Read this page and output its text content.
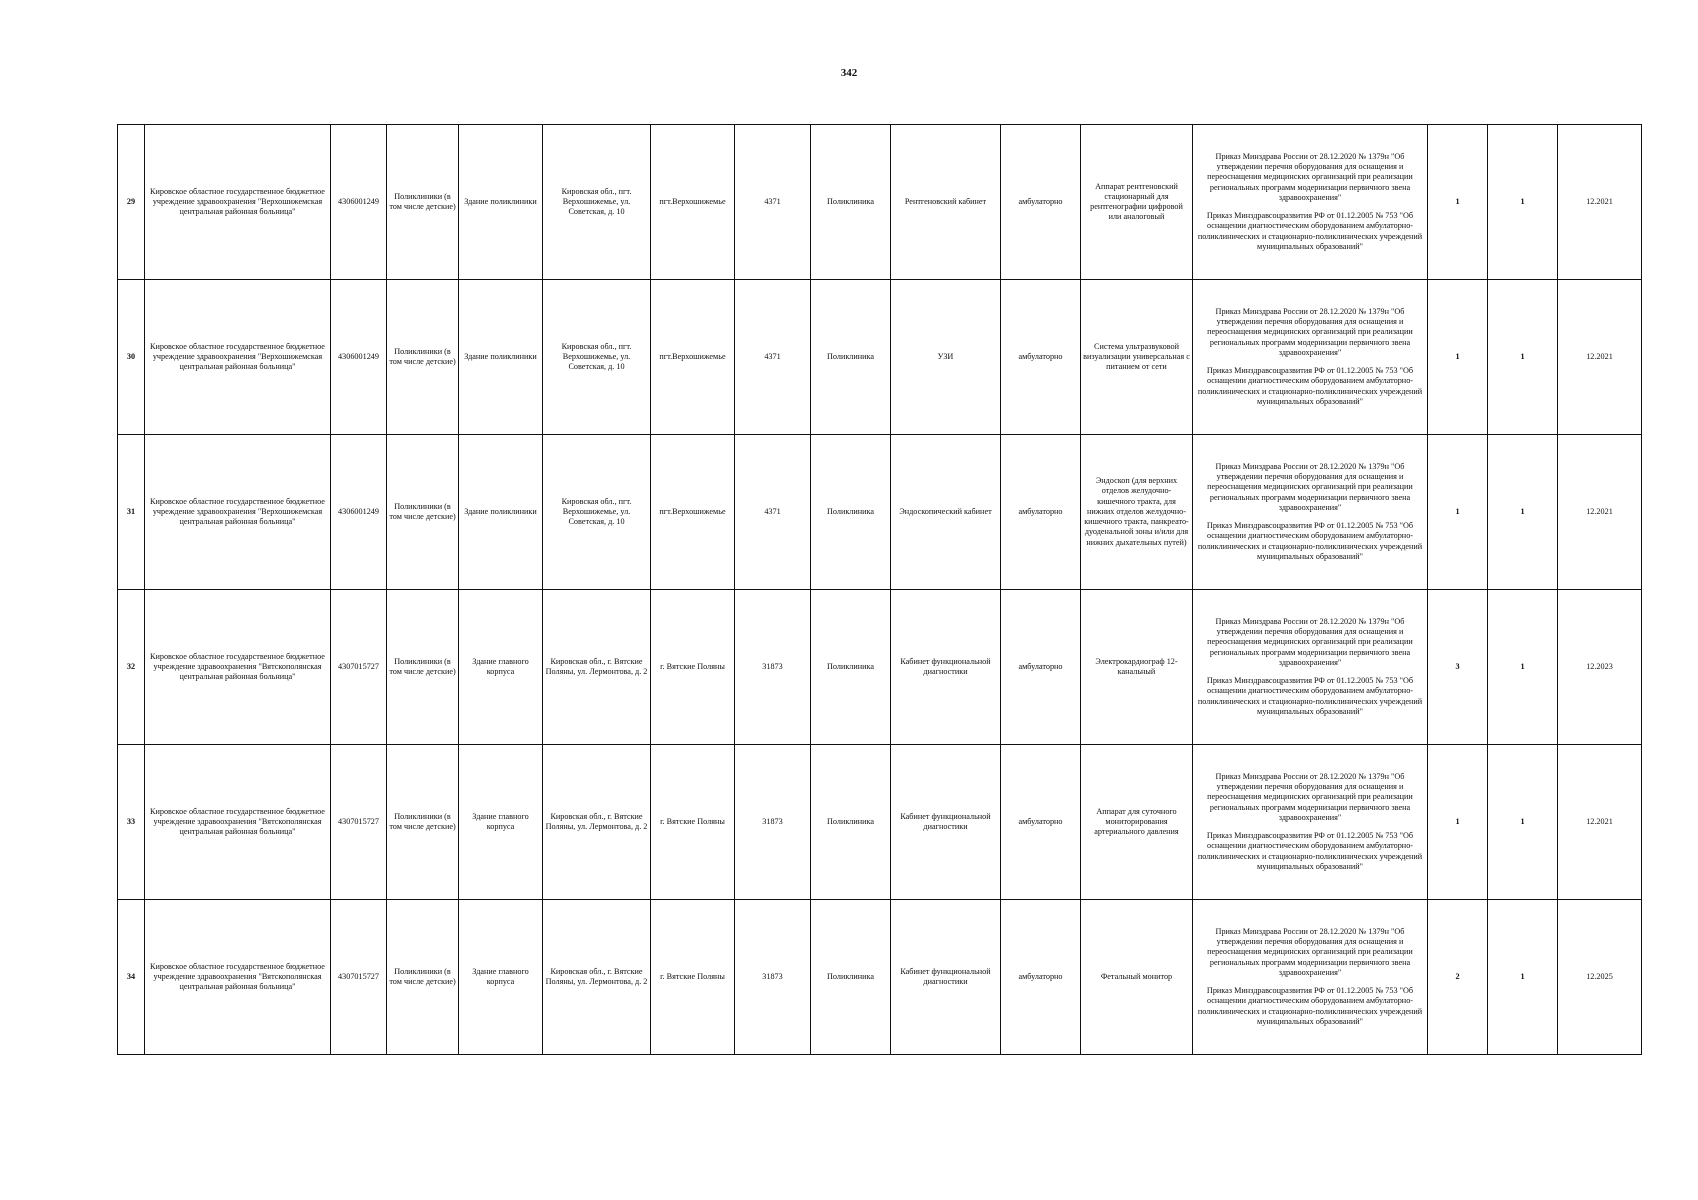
342
29	Кировское областное государственное бюджетное учреждение здравоохранения "Верхошижемская центральная районная больница"	4306001249	Поликлиники (в том числе детские)	Здание поликлиники	Кировская обл., пгт. Верхошижемье, ул. Советская, д. 10	пгт.Верхошижемье	4371	Поликлиника	Рентгеновский кабинет	амбулаторно	Аппарат рентгеновский стационарный для рентгенографии цифровой или аналоговый	Приказ Минздрава России от 28.12.2020 № 1379н "Об утверждении перечня оборудования для оснащения и переоснащения медицинских организаций при реализации региональных программ модернизации первичного звена здравоохранения"
Приказ Минздравсоцразвития РФ от 01.12.2005 № 753 "Об оснащении диагностическим оборудованием амбулаторно-поликлинических и стационарно-поликлинических учреждений муниципальных образований"	1	1	12.2021
30	Кировское областное государственное бюджетное учреждение здравоохранения "Верхошижемская центральная районная больница"	4306001249	Поликлиники (в том числе детские)	Здание поликлиники	Кировская обл., пгт. Верхошижемье, ул. Советская, д. 10	пгт.Верхошижемье	4371	Поликлиника	УЗИ	амбулаторно	Система ультразвуковой визуализации универсальная с питанием от сети	Приказ Минздрава России от 28.12.2020 № 1379н "Об утверждении перечня оборудования для оснащения и переоснащения медицинских организаций при реализации региональных программ модернизации первичного звена здравоохранения"
Приказ Минздравсоцразвития РФ от 01.12.2005 № 753 "Об оснащении диагностическим оборудованием амбулаторно-поликлинических и стационарно-поликлинических учреждений муниципальных образований"	1	1	12.2021
31	Кировское областное государственное бюджетное учреждение здравоохранения "Верхошижемская центральная районная больница"	4306001249	Поликлиники (в том числе детские)	Здание поликлиники	Кировская обл., пгт. Верхошижемье, ул. Советская, д. 10	пгт.Верхошижемье	4371	Поликлиника	Эндоскопический кабинет	амбулаторно	Эндоскоп (для верхних отделов желудочно-кишечного тракта, для нижних отделов желудочно-кишечного тракта, панкреато-дуоденальной зоны и/или для нижних дыхательных путей)	Приказ Минздрава России от 28.12.2020 № 1379н "Об утверждении перечня оборудования для оснащения и переоснащения медицинских организаций при реализации региональных программ модернизации первичного звена здравоохранения"
Приказ Минздравсоцразвития РФ от 01.12.2005 № 753 "Об оснащении диагностическим оборудованием амбулаторно-поликлинических и стационарно-поликлинических учреждений муниципальных образований"	1	1	12.2021
32	Кировское областное государственное бюджетное учреждение здравоохранения "Вятскополянская центральная районная больница"	4307015727	Поликлиники (в том числе детские)	Здание главного корпуса	Кировская обл., г. Вятские Поляны, ул. Лермонтова, д. 2	г. Вятские Поляны	31873	Поликлиника	Кабинет функциональной диагностики	амбулаторно	Электрокардиограф 12-канальный	Приказ Минздрава России от 28.12.2020 № 1379н "Об утверждении перечня оборудования для оснащения и переоснащения медицинских организаций при реализации региональных программ модернизации первичного звена здравоохранения"
Приказ Минздравсоцразвития РФ от 01.12.2005 № 753 "Об оснащении диагностическим оборудованием амбулаторно-поликлинических и стационарно-поликлинических учреждений муниципальных образований"	3	1	12.2023
33	Кировское областное государственное бюджетное учреждение здравоохранения "Вятскополянская центральная районная больница"	4307015727	Поликлиники (в том числе детские)	Здание главного корпуса	Кировская обл., г. Вятские Поляны, ул. Лермонтова, д. 2	г. Вятские Поляны	31873	Поликлиника	Кабинет функциональной диагностики	амбулаторно	Аппарат для суточного мониторирования артериального давления	Приказ Минздрава России от 28.12.2020 № 1379н "Об утверждении перечня оборудования для оснащения и переоснащения медицинских организаций при реализации региональных программ модернизации первичного звена здравоохранения"
Приказ Минздравсоцразвития РФ от 01.12.2005 № 753 "Об оснащении диагностическим оборудованием амбулаторно-поликлинических и стационарно-поликлинических учреждений муниципальных образований"	1	1	12.2021
34	Кировское областное государственное бюджетное учреждение здравоохранения "Вятскополянская центральная районная больница"	4307015727	Поликлиники (в том числе детские)	Здание главного корпуса	Кировская обл., г. Вятские Поляны, ул. Лермонтова, д. 2	г. Вятские Поляны	31873	Поликлиника	Кабинет функциональной диагностики	амбулаторно	Фетальный монитор	Приказ Минздрава России от 28.12.2020 № 1379н "Об утверждении перечня оборудования для оснащения и переоснащения медицинских организаций при реализации региональных программ модернизации первичного звена здравоохранения"
Приказ Минздравсоцразвития РФ от 01.12.2005 № 753 "Об оснащении диагностическим оборудованием амбулаторно-поликлинических и стационарно-поликлинических учреждений муниципальных образований"	2	1	12.2025
